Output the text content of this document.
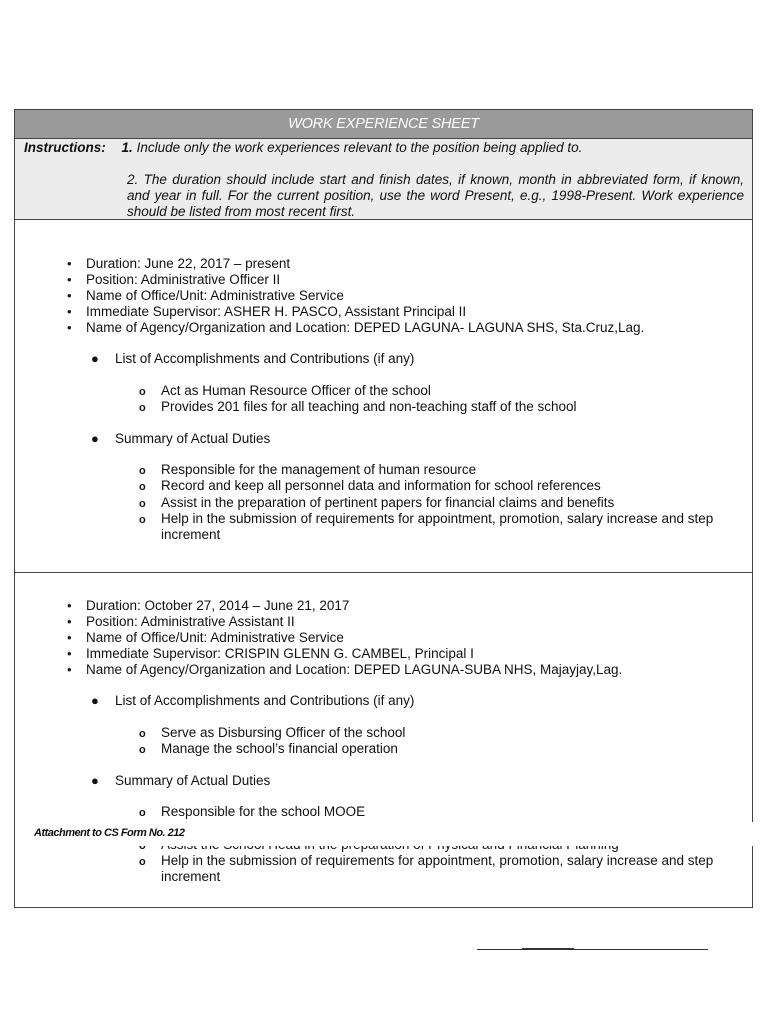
WORK EXPERIENCE SHEET
Instructions: 1. Include only the work experiences relevant to the position being applied to.
2. The duration should include start and finish dates, if known, month in abbreviated form, if known, and year in full. For the current position, use the word Present, e.g., 1998-Present. Work experience should be listed from most recent first.
• Duration: June 22, 2017 – present
• Position: Administrative Officer II
• Name of Office/Unit: Administrative Service
• Immediate Supervisor: ASHER H. PASCO, Assistant Principal II
• Name of Agency/Organization and Location: DEPED LAGUNA- LAGUNA SHS, Sta.Cruz,Lag.
● List of Accomplishments and Contributions (if any)
o Act as Human Resource Officer of the school
o Provides 201 files for all teaching and non-teaching staff of the school
● Summary of Actual Duties
o Responsible for the management of human resource
o Record and keep all personnel data and information for school references
o Assist in the preparation of pertinent papers for financial claims and benefits
o Help in the submission of requirements for appointment, promotion, salary increase and step increment
• Duration: October 27, 2014 – June 21, 2017
• Position: Administrative Assistant II
• Name of Office/Unit: Administrative Service
• Immediate Supervisor: CRISPIN GLENN G. CAMBEL, Principal I
• Name of Agency/Organization and Location: DEPED LAGUNA-SUBA NHS, Majayjay,Lag.
● List of Accomplishments and Contributions (if any)
o Serve as Disbursing Officer of the school
o Manage the school’s financial operation
● Summary of Actual Duties
o Responsible for the school MOOE
o Help in the submission of requirements for appointment, promotion, salary increase and step increment
Attachment to CS Form No. 212
